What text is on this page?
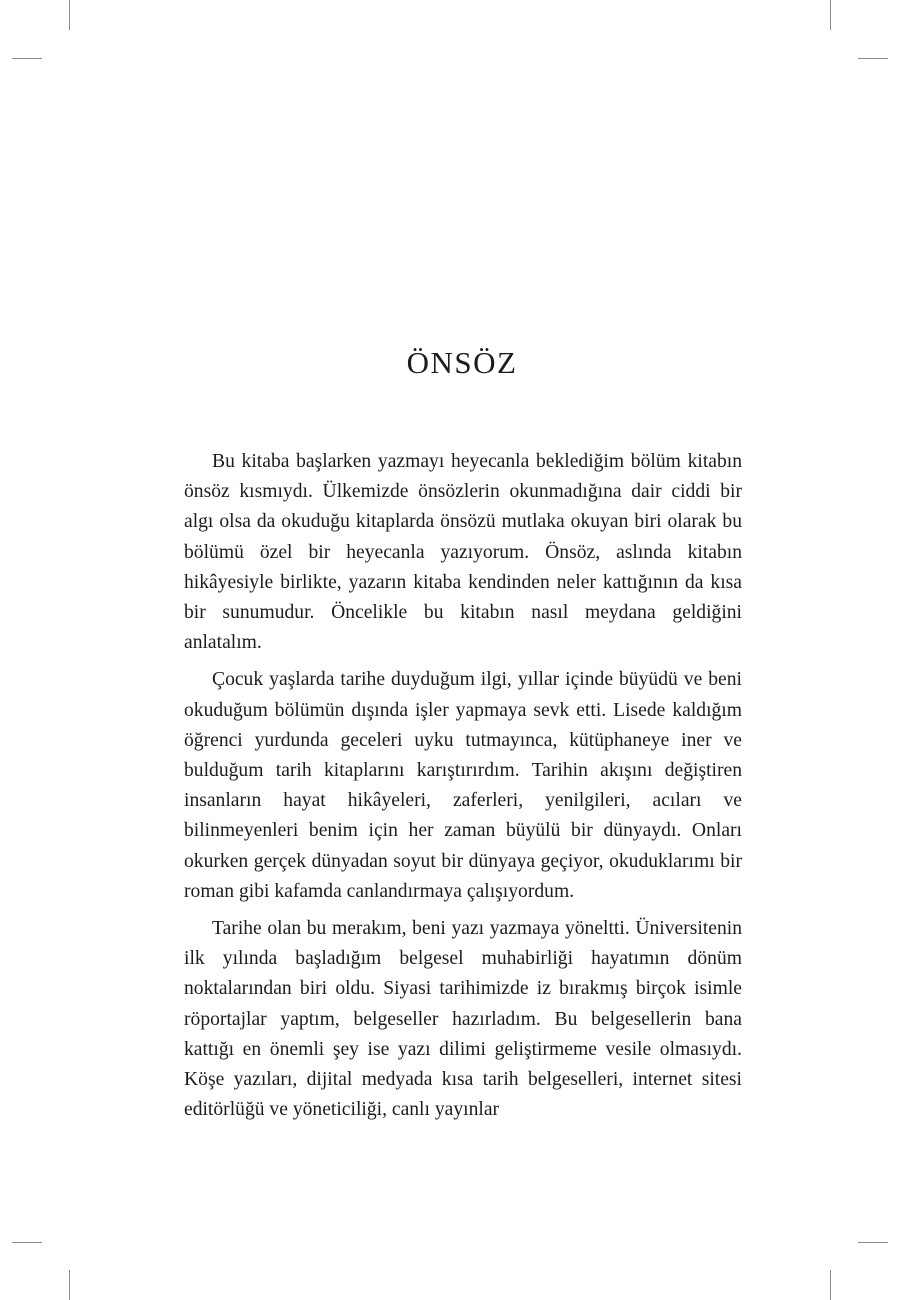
ÖNSÖZ

Bu kitaba başlarken yazmayı heyecanla beklediğim bölüm kitabın önsöz kısmıydı. Ülkemizde önsözlerin okunmadığına dair ciddi bir algı olsa da okuduğu kitaplarda önsözü mutlaka okuyan biri olarak bu bölümü özel bir heyecanla yazıyorum. Önsöz, aslında kitabın hikâyesiyle birlikte, yazarın kitaba kendinden neler kattığının da kısa bir sunumudur. Öncelikle bu kitabın nasıl meydana geldiğini anlatalım.

Çocuk yaşlarda tarihe duyduğum ilgi, yıllar içinde büyüdü ve beni okuduğum bölümün dışında işler yapmaya sevk etti. Lisede kaldığım öğrenci yurdunda geceleri uyku tutmayınca, kütüphaneye iner ve bulduğum tarih kitaplarını karıştırırdım. Tarihin akışını değiştiren insanların hayat hikâyeleri, zaferleri, yenilgileri, acıları ve bilinmeyenleri benim için her zaman büyülü bir dünyaydı. Onları okurken gerçek dünyadan soyut bir dünyaya geçiyor, okuduklarımı bir roman gibi kafamda canlandırmaya çalışıyordum.

Tarihe olan bu merakım, beni yazı yazmaya yöneltti. Üniversitenin ilk yılında başladığım belgesel muhabirliği hayatımın dönüm noktalarından biri oldu. Siyasi tarihimizde iz bırakmış birçok isimle röportajlar yaptım, belgeseller hazırladım. Bu belgesellerin bana kattığı en önemli şey ise yazı dilimi geliştirmeme vesile olmasıydı. Köşe yazıları, dijital medyada kısa tarih belgeselleri, internet sitesi editörlüğü ve yöneticiliği, canlı yayınlar
